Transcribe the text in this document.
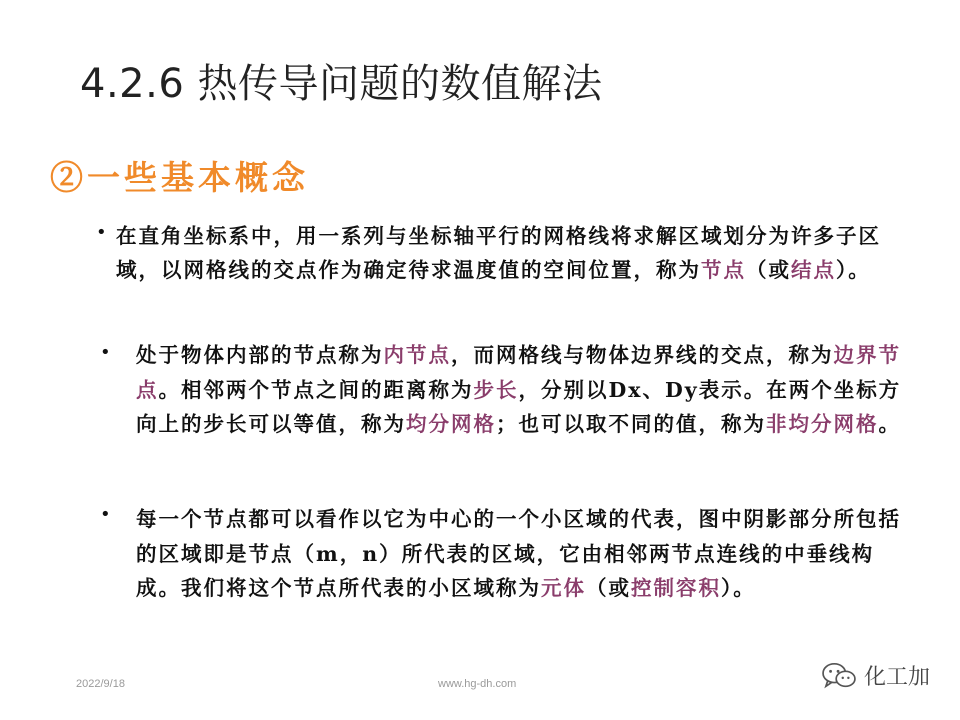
4.2.6 热传导问题的数值解法
②一些基本概念
• 在直角坐标系中，用一系列与坐标轴平行的网格线将求解区域划分为许多子区域，以网格线的交点作为确定待求温度值的空间位置，称为节点（或结点）。
• 处于物体内部的节点称为内节点，而网格线与物体边界线的交点，称为边界节点。相邻两个节点之间的距离称为步长，分别以Dx、Dy表示。在两个坐标方向上的步长可以等值，称为均分网格；也可以取不同的值，称为非均分网格。
• 每一个节点都可以看作以它为中心的一个小区域的代表，图中阴影部分所包括的区域即是节点（m，n）所代表的区域，它由相邻两节点连线的中垂线构成。我们将这个节点所代表的小区域称为元体（或控制容积）。
2022/9/18	www.hg-dh.com	化工加
